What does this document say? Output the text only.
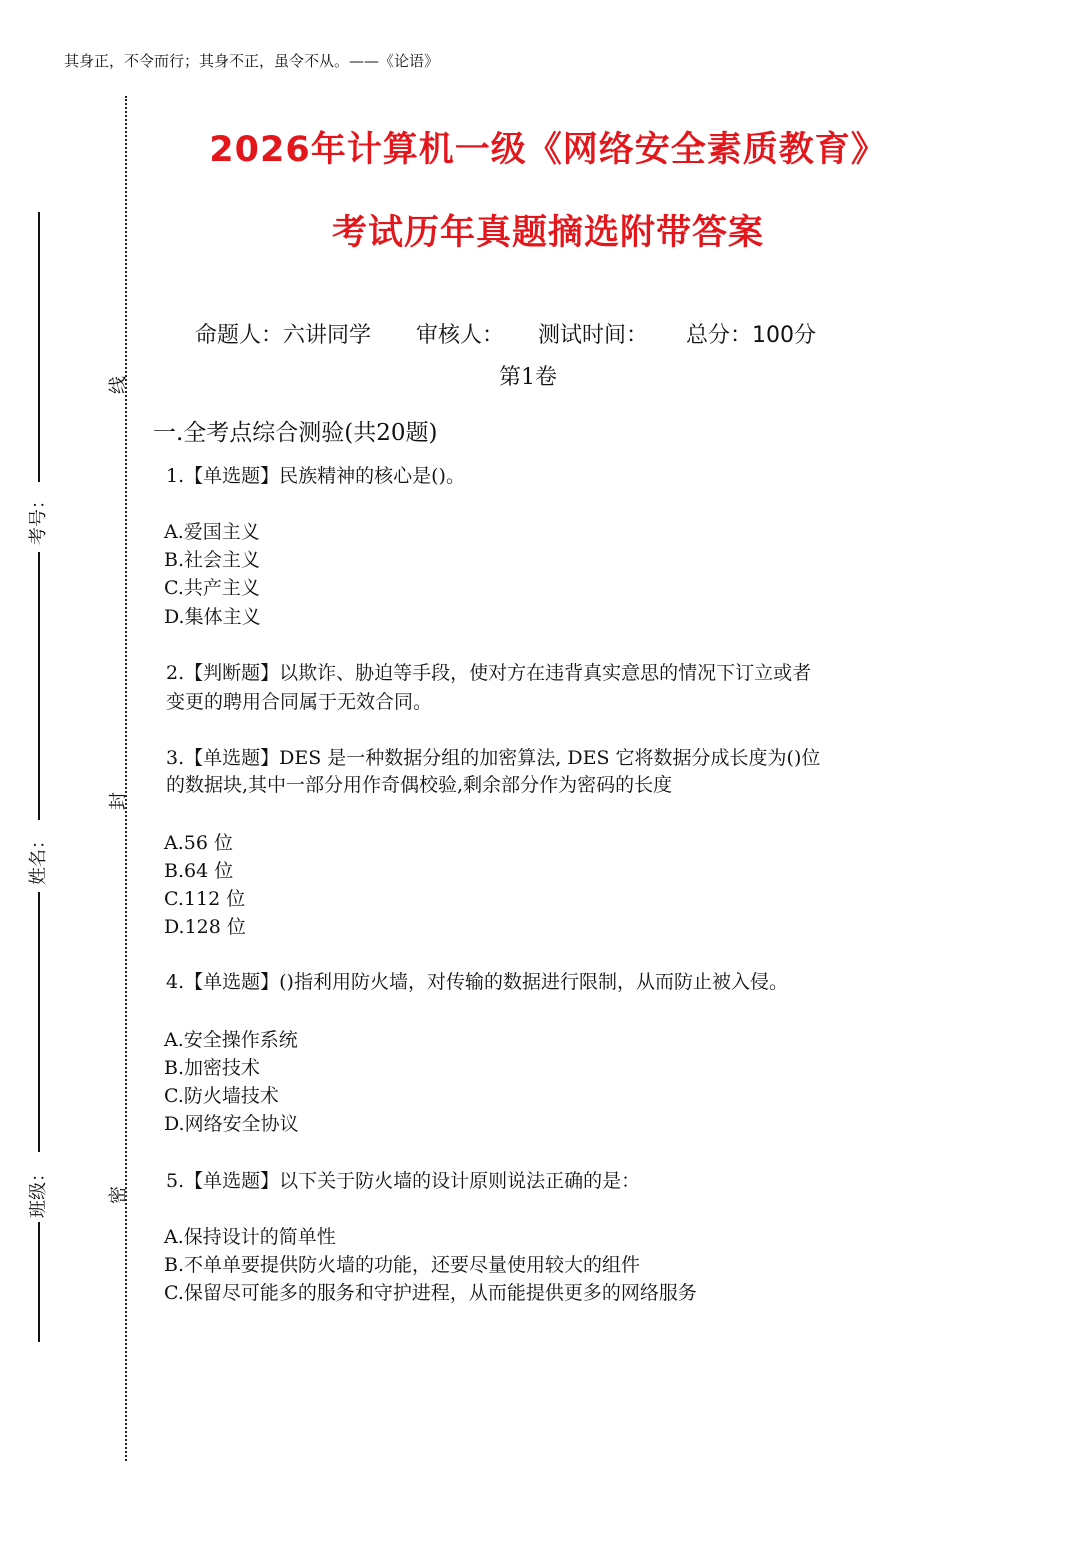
其身正，不令而行；其身不正，虽令不从。——《论语》
2026年计算机一级《网络安全素质教育》
考试历年真题摘选附带答案
命题人：六讲同学 审核人： 测试时间： 总分：100分
第1卷
一.全考点综合测验(共20题)
考号：
姓名：
班级：
线
封
密
1.【单选题】民族精神的核心是()。
A.爱国主义
B.社会主义
C.共产主义
D.集体主义
2.【判断题】以欺诈、胁迫等手段，使对方在违背真实意思的情况下订立或者
变更的聘用合同属于无效合同。
3.【单选题】DES 是一种数据分组的加密算法, DES 它将数据分成长度为()位
的数据块,其中一部分用作奇偶校验,剩余部分作为密码的长度
A.56 位
B.64 位
C.112 位
D.128 位
4.【单选题】()指利用防火墙，对传输的数据进行限制，从而防止被入侵。
A.安全操作系统
B.加密技术
C.防火墙技术
D.网络安全协议
5.【单选题】以下关于防火墙的设计原则说法正确的是：
A.保持设计的简单性
B.不单单要提供防火墙的功能，还要尽量使用较大的组件
C.保留尽可能多的服务和守护进程，从而能提供更多的网络服务
